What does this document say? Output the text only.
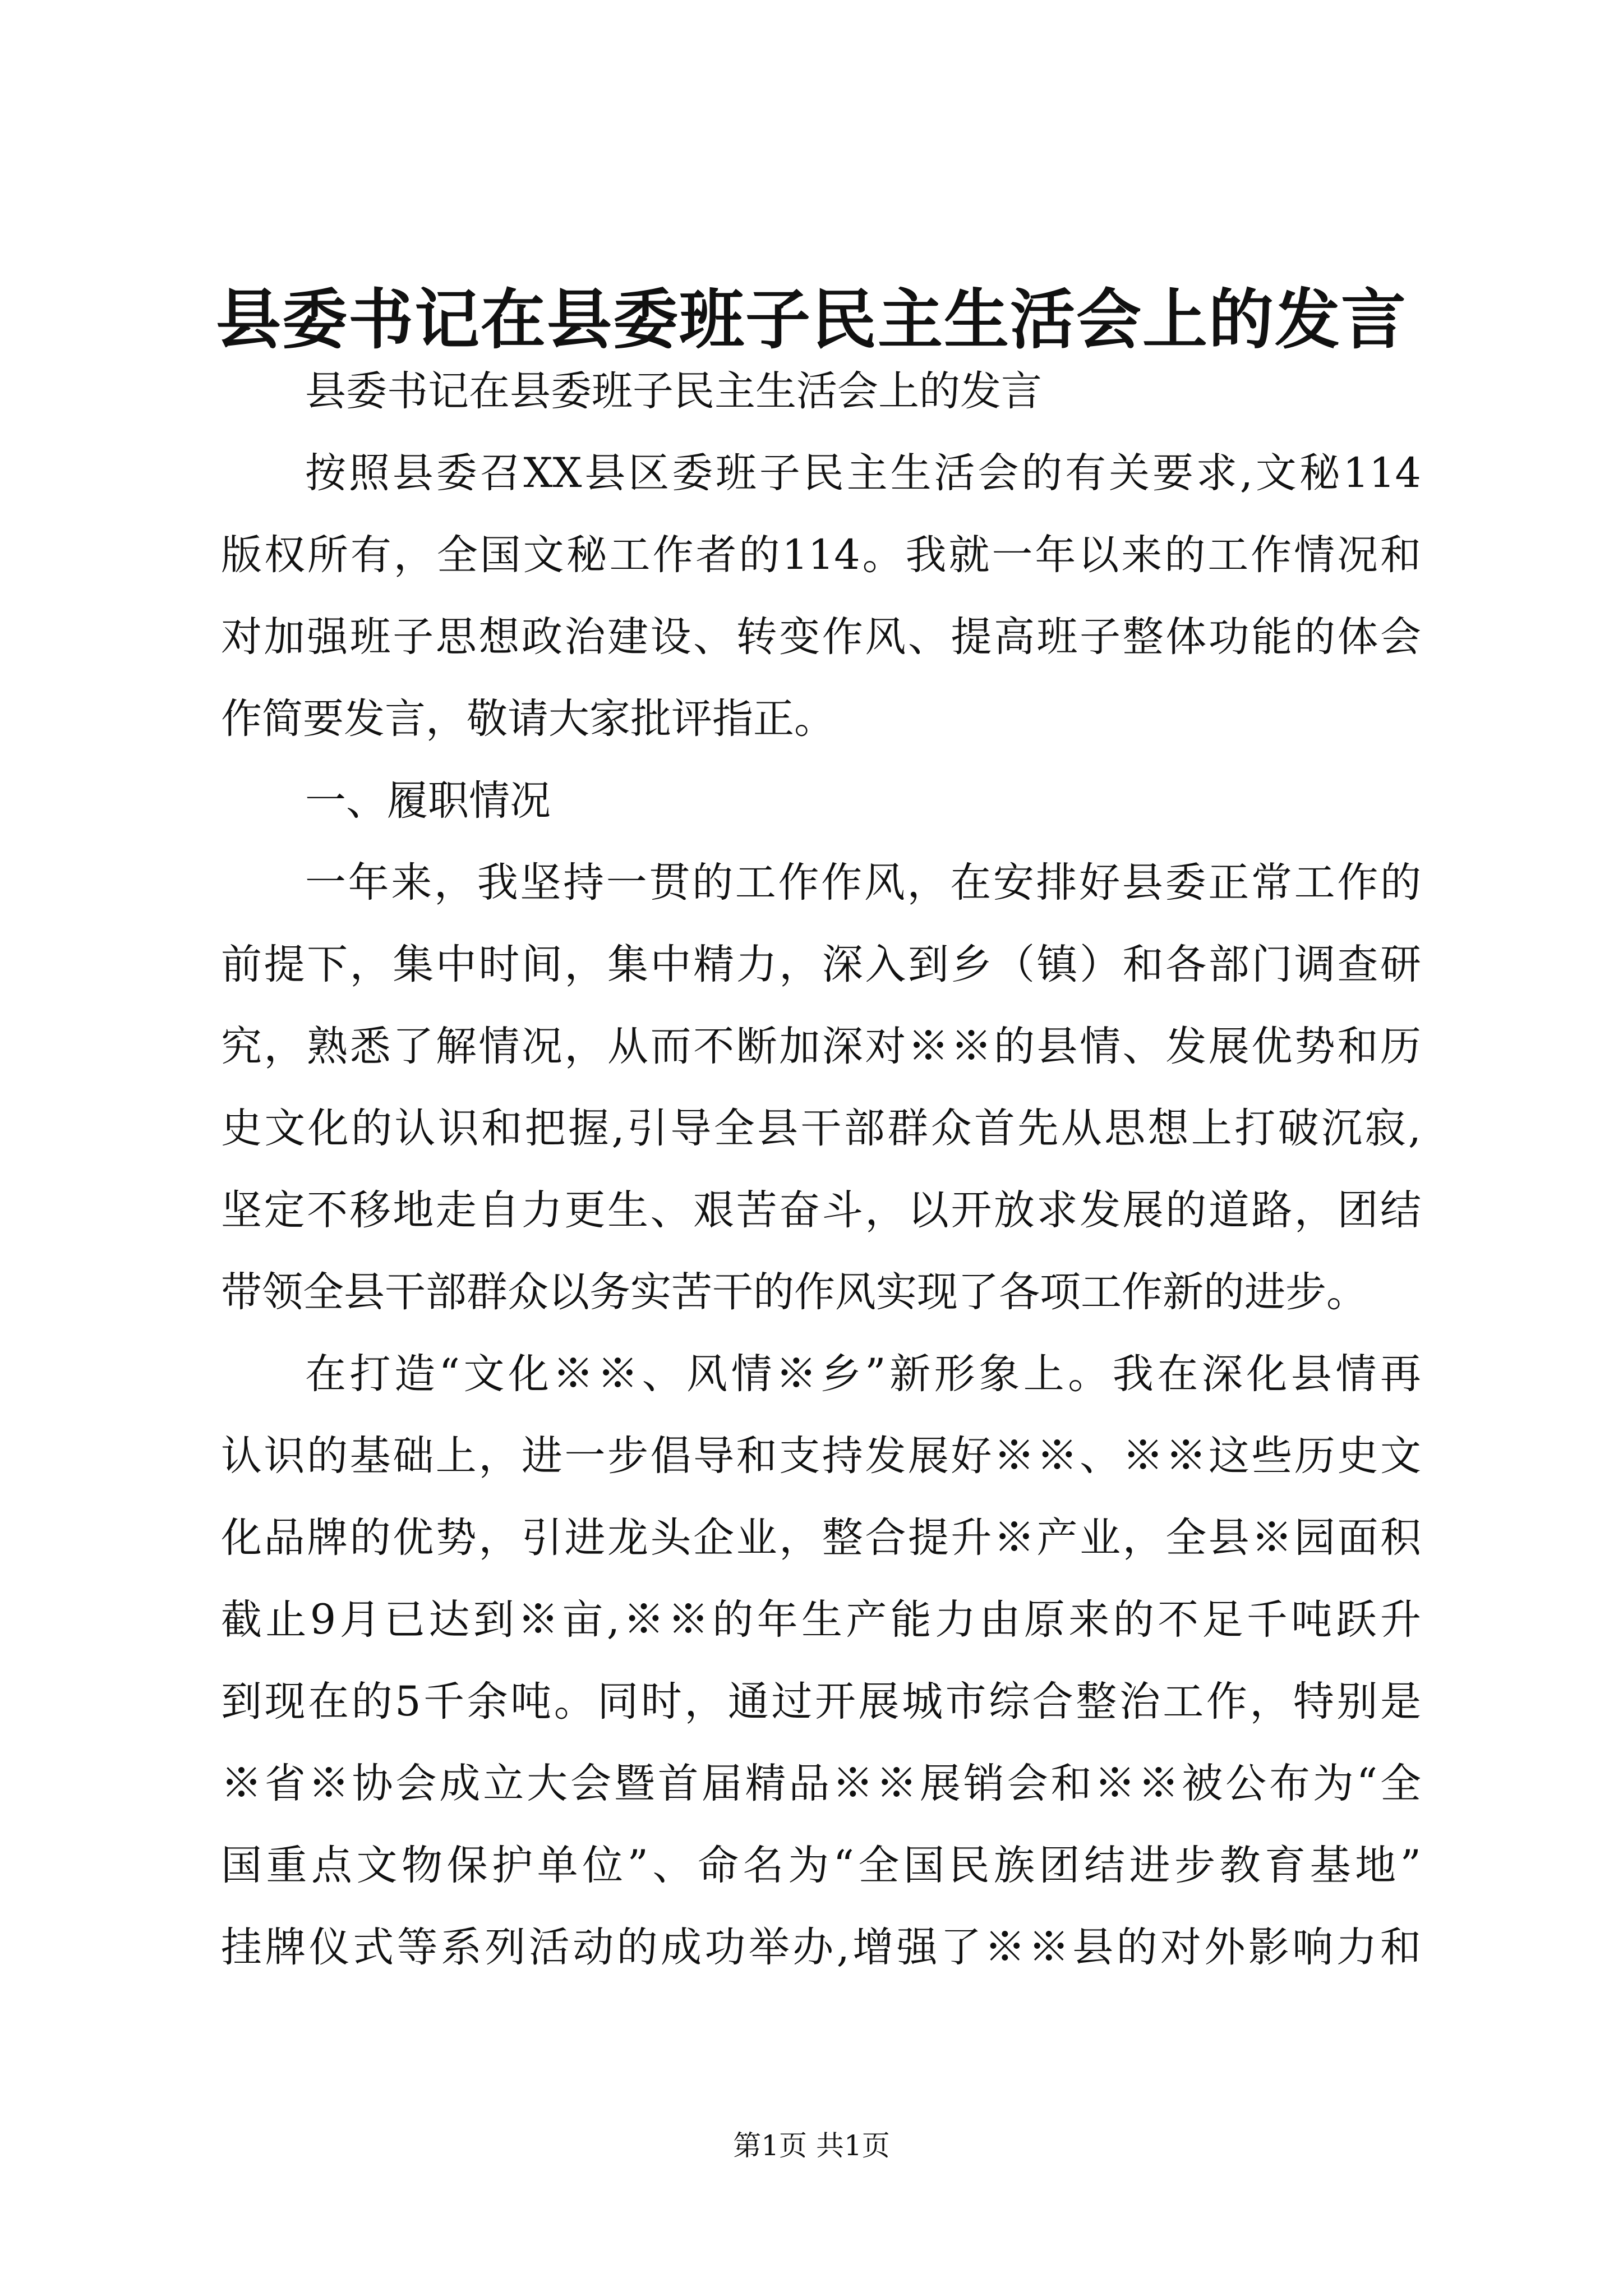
县委书记在县委班子民主生活会上的发言
县委书记在县委班子民主生活会上的发言
按照县委召XX县区委班子民主生活会的有关要求,文秘114
版权所有，全国文秘工作者的114。我就一年以来的工作情况和
对加强班子思想政治建设、转变作风、提高班子整体功能的体会
作简要发言，敬请大家批评指正。
一、履职情况
一年来，我坚持一贯的工作作风，在安排好县委正常工作的
前提下，集中时间，集中精力，深入到乡（镇）和各部门调查研
究，熟悉了解情况，从而不断加深对※※的县情、发展优势和历
史文化的认识和把握,引导全县干部群众首先从思想上打破沉寂,
坚定不移地走自力更生、艰苦奋斗，以开放求发展的道路，团结
带领全县干部群众以务实苦干的作风实现了各项工作新的进步。
在打造“文化※※、风情※乡”新形象上。我在深化县情再
认识的基础上，进一步倡导和支持发展好※※、※※这些历史文
化品牌的优势，引进龙头企业，整合提升※产业，全县※园面积
截止9月已达到※亩,※※的年生产能力由原来的不足千吨跃升
到现在的5千余吨。同时，通过开展城市综合整治工作，特别是
※省※协会成立大会暨首届精品※※展销会和※※被公布为“全
国重点文物保护单位”、命名为“全国民族团结进步教育基地”
挂牌仪式等系列活动的成功举办,增强了※※县的对外影响力和
第1页 共1页
